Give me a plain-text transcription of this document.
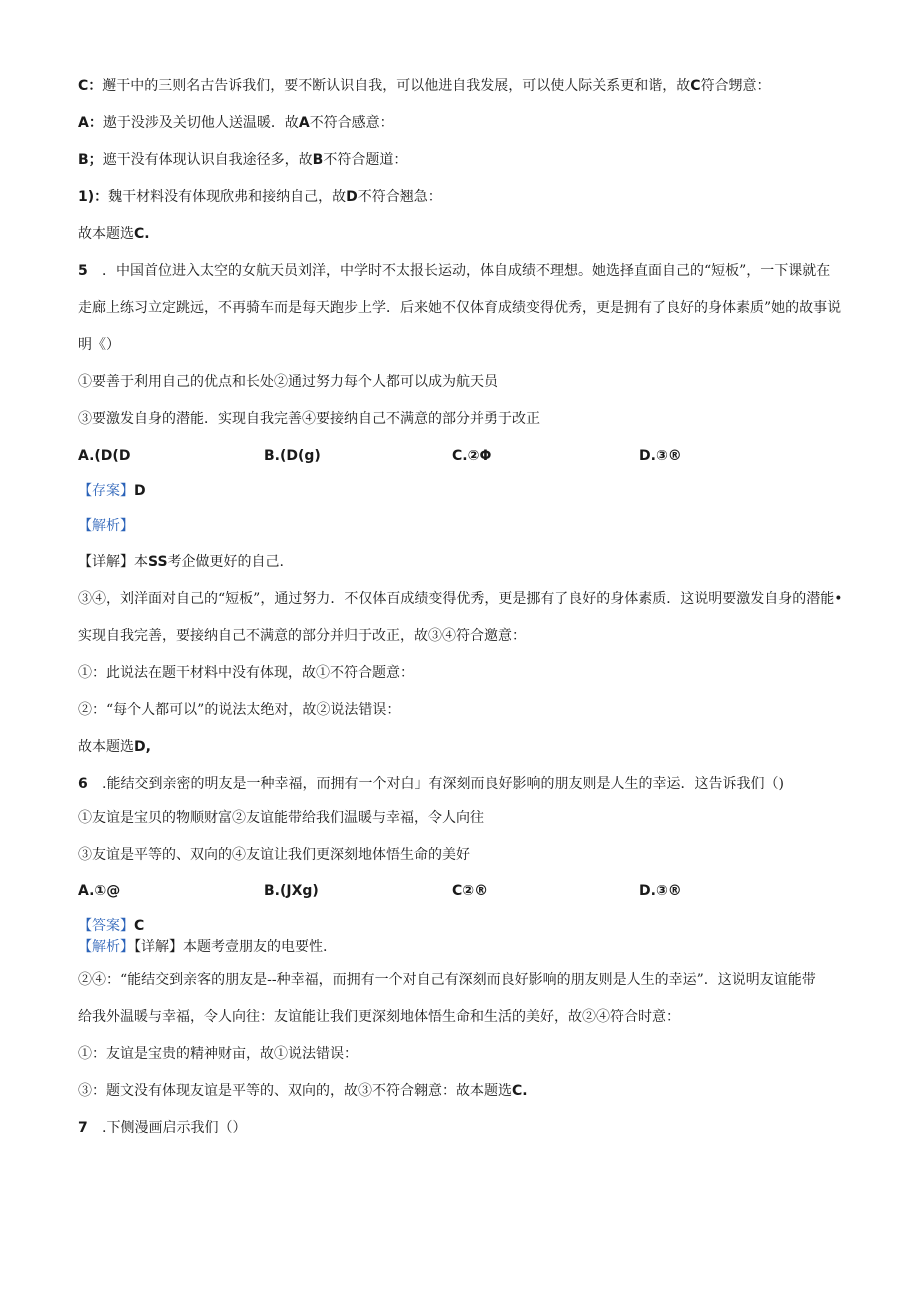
C：邂干中的三则名古告诉我们，要不断认识自我，可以他进自我发展，可以使人际关系更和谐，故C符合甥意：
A：遨于没涉及关切他人送温暖．故A不符合感意：
B；遮干没有体现认识自我途径多，故B不符合题道：
1)：魏干材料没有体现欣弗和接纳自己，故D不符合翘急：
故本题选C.
5 ．中国首位进入太空的女航天员刘洋，中学时不太报长运动，体自成绩不理想。她选择直面自己的“短板”，一下课就在
走廊上练习立定跳远，不再骑车而是每天跑步上学．后来她不仅体育成绩变得优秀，更是拥有了良好的身体素质”她的故事说
明《）
①要善于利用自己的优点和长处②通过努力每个人都可以成为航天员
③要激发自身的潜能．实现自我完善④要接纳自己不满意的部分并勇于改正
A.(D(D	B.(D(g)	C.②Φ	D.③®
【存案】D
【解析】
【详解】本SS考企做更好的自己.
③④，刘洋面对自己的“短板”，通过努力．不仅体百成绩变得优秀，更是挪有了良好的身体素质．这说明要激发自身的潜能•
实现自我完善，要接纳自己不满意的部分并归于改正，故③④符合邀意：
①：此说法在题干材料中没有体现，故①不符合题意：
②：“每个人都可以”的说法太绝对，故②说法错误：
故本题选D,
6 .能结交到亲密的明友是一种幸福，而拥有一个对白」有深刻而良好影响的朋友则是人生的幸运．这告诉我们（)
①友谊是宝贝的物顺财富②友谊能带给我们温暖与幸福，令人向往
③友谊是平等的、双向的④友谊让我们更深刻地体悟生命的美好
A.①@	B.(JXg)	C②®	D.③®
【答案】C
【解析】【详解】本题考壹朋友的电要性.
②④：“能结交到亲客的朋友是--种幸福，而拥有一个对自己有深刻而良好影响的朋友则是人生的幸运”．这说明友谊能带
给我外温暖与幸福，令人向往：友谊能让我们更深刻地体悟生命和生活的美好，故②④符合时意：
①：友谊是宝贵的精神财亩，故①说法错误：
③：题文没有体现友谊是平等的、双向的，故③不符合翱意：故本题选C.
7 .下侧漫画启示我们（）
